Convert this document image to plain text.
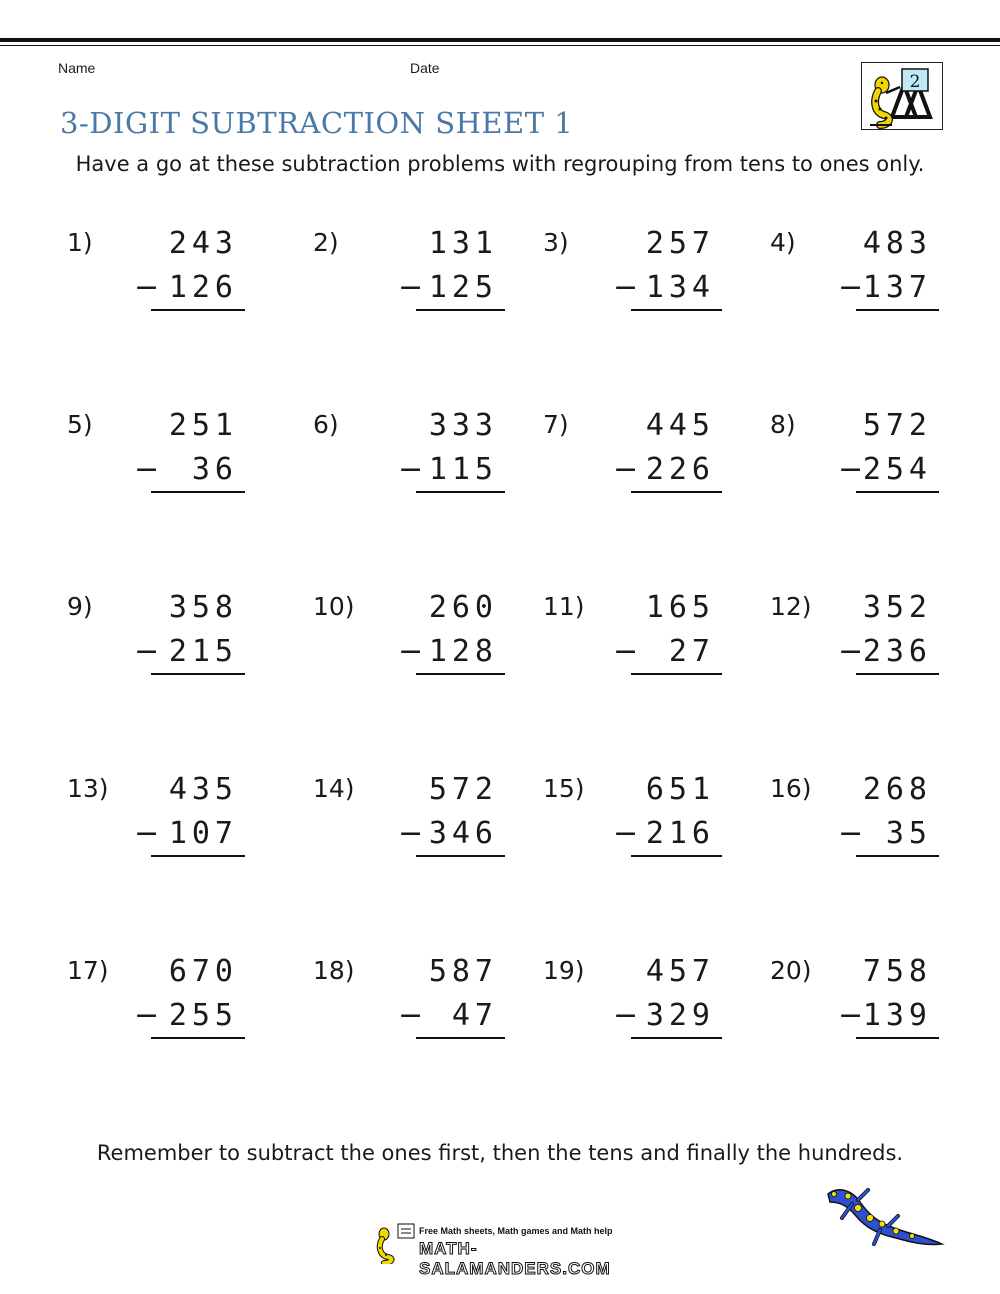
Name	Date
3-DIGIT SUBTRACTION SHEET 1
Have a go at these subtraction problems with regrouping from tens to ones only.
2
1)	243
− 126
2)	131
− 125
3)	257
− 134
4)	483
− 137
5)	251
−	36
6)	333
− 115
7)	445
− 226
8)	572
− 254
9)	358
− 215
10)	260
− 128
11)	165
−	27
12)	352
− 236
13)	435
− 107
14)	572
− 346
15)	651
− 216
16)	268
− 35
17)	670
− 255
18)	587
− 47
19)	457
− 329
20)	758
− 139
Remember to subtract the ones first, then the tens and finally the hundreds.
Free Math sheets, Math games and Math help
MATH-SALAMANDERS.COM
